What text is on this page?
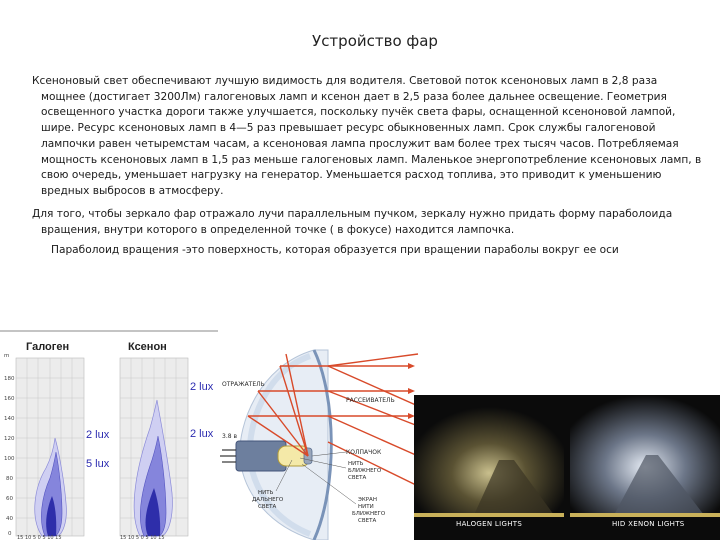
Устройство фар
Ксеноновый свет обеспечивают лучшую видимость для водителя. Световой поток ксеноновых ламп в 2,8 раза
мощнее (достигает 3200Лм) галогеновых ламп и ксенон дает в 2,5 раза более дальнее освещение. Геометрия освещенного участка дороги также улучшается, поскольку пучёк света фары, оснащенной ксеноновой лампой, шире. Ресурс ксеноновых ламп в 4—5 раз превышает ресурс обыкновенных ламп. Срок службы галогеновой лампочки равен четыремстам часам, а ксеноновая лампа прослужит вам более трех тысяч часов. Потребляемая мощность ксеноновых ламп в 1,5 раз меньше галогеновых ламп. Маленькое энергопотребление ксеноновых ламп, в свою очередь, уменьшает нагрузку на генератор. Уменьшается расход топлива, это приводит к уменьшению вредных выбросов в атмосферу.
Для того, чтобы зеркало фар отражало лучи параллельным пучком, зеркалу нужно придать форму параболоида
вращения, внутри которого в определенной точке ( в фокусе) находится лампочка.
Параболоид вращения -это поверхность, которая образуется при вращении параболы вокруг ее оси
Галоген	Ксенон
m
180
160
140
120
100
80
60
40
0
15 10 5 0 5 10 15	15 10 5 0 5 10 15
2 lux
2 lux
2 lux
5 lux
ОТРАЖАТЕЛЬ
РАССЕИВАТЕЛЬ
КОЛПАЧОК
3.8 в
НИТЬ
БЛИЖНЕГО
СВЕТА
НИТЬ
ДАЛЬНЕГО
СВЕТА
ЭКРАН
НИТИ
БЛИЖНЕГО
СВЕТА	HALOGEN LIGHTS	HID XENON LIGHTS
